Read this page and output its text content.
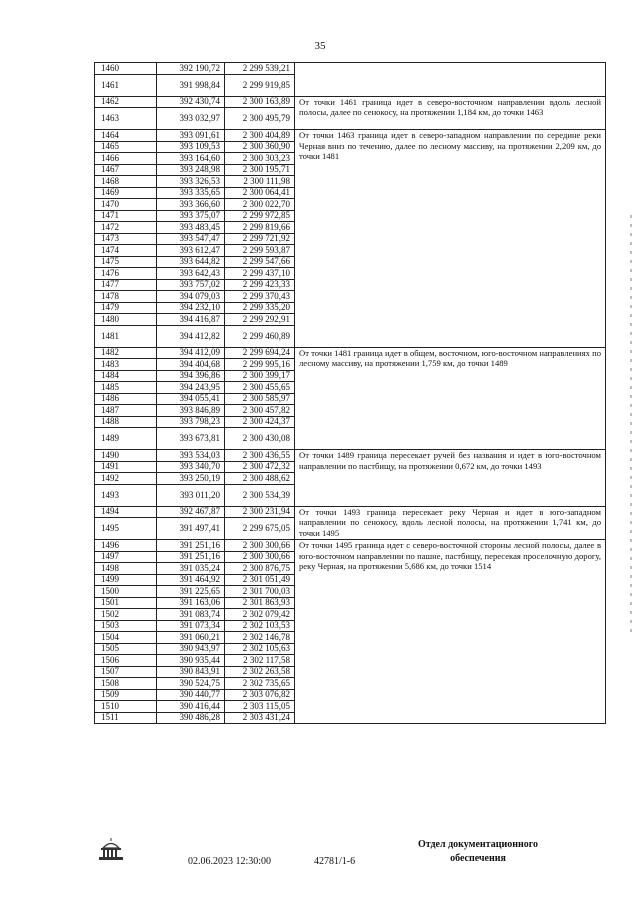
35
1460	392 190,72	2 299 539,21	
1461	391 998,84	2 299 919,85	
1462	392 430,74	2 300 163,89	От точки 1461 граница идет в северо-восточном направлении вдоль лесной полосы, далее по сенокосу, на протяжении 1,184 км, до точки 1463
1463	393 032,97	2 300 495,79	
1464	393 091,61	2 300 404,89	От точки 1463 граница идет в северо-западном направлении по середине реки Черная вниз по течению, далее по лесному массиву, на протяжении 2,209 км, до точки 1481
1465	393 109,53	2 300 360,90	
1466	393 164,60	2 300 303,23	
1467	393 248,98	2 300 195,71	
1468	393 326,53	2 300 111,98	
1469	393 335,65	2 300 064,41	
1470	393 366,60	2 300 022,70	
1471	393 375,07	2 299 972,85	
1472	393 483,45	2 299 819,66	
1473	393 547,47	2 299 721,92	
1474	393 612,47	2 299 593,87	
1475	393 644,82	2 299 547,66	
1476	393 642,43	2 299 437,10	
1477	393 757,02	2 299 423,33	
1478	394 079,03	2 299 370,43	
1479	394 232,10	2 299 335,20	
1480	394 416,87	2 299 292,91	
1481	394 412,82	2 299 460,89	
1482	394 412,09	2 299 694,24	От точки 1481 граница идет в общем, восточном, юго-восточном направлениях по лесному массиву, на протяжении 1,759 км, до точки 1489
1483	394 404,68	2 299 995,16	
1484	394 396,86	2 300 399,17	
1485	394 243,95	2 300 455,65	
1486	394 055,41	2 300 585,97	
1487	393 846,89	2 300 457,82	
1488	393 798,23	2 300 424,37	
1489	393 673,81	2 300 430,08	
1490	393 534,03	2 300 436,55	От точки 1489 граница пересекает ручей без названия и идет в юго-восточном направлении по пастбищу, на протяжении 0,672 км, до точки 1493
1491	393 340,70	2 300 472,32	
1492	393 250,19	2 300 488,62	
1493	393 011,20	2 300 534,39	
1494	392 467,87	2 300 231,94	От точки 1493 граница пересекает реку Черная и идет в юго-западном направлении по сенокосу, вдоль лесной полосы, на протяжении 1,741 км, до точки 1495
1495	391 497,41	2 299 675,05	
1496	391 251,16	2 300 300,66	От точки 1495 граница идет с северо-восточной стороны лесной полосы, далее в юго-восточном направлении по пашне, пастбищу, пересекая проселочную дорогу, реку Черная, на протяжении 5,686 км, до точки 1514
1497	391 251,16	2 300 300,66	
1498	391 035,24	2 300 876,75	
1499	391 464,92	2 301 051,49	
1500	391 225,65	2 301 700,03	
1501	391 163,06	2 301 863,93	
1502	391 083,74	2 302 079,42	
1503	391 073,34	2 302 103,53	
1504	391 060,21	2 302 146,78	
1505	390 943,97	2 302 105,63	
1506	390 935,44	2 302 117,58	
1507	390 843,91	2 302 263,58	
1508	390 524,75	2 302 735,65	
1509	390 440,77	2 303 076,82	
1510	390 416,44	2 303 115,05	
1511	390 486,28	2 303 431,24	
Отдел документационного
обеспечения
02.06.2023 12:30:00	42781/1-6
